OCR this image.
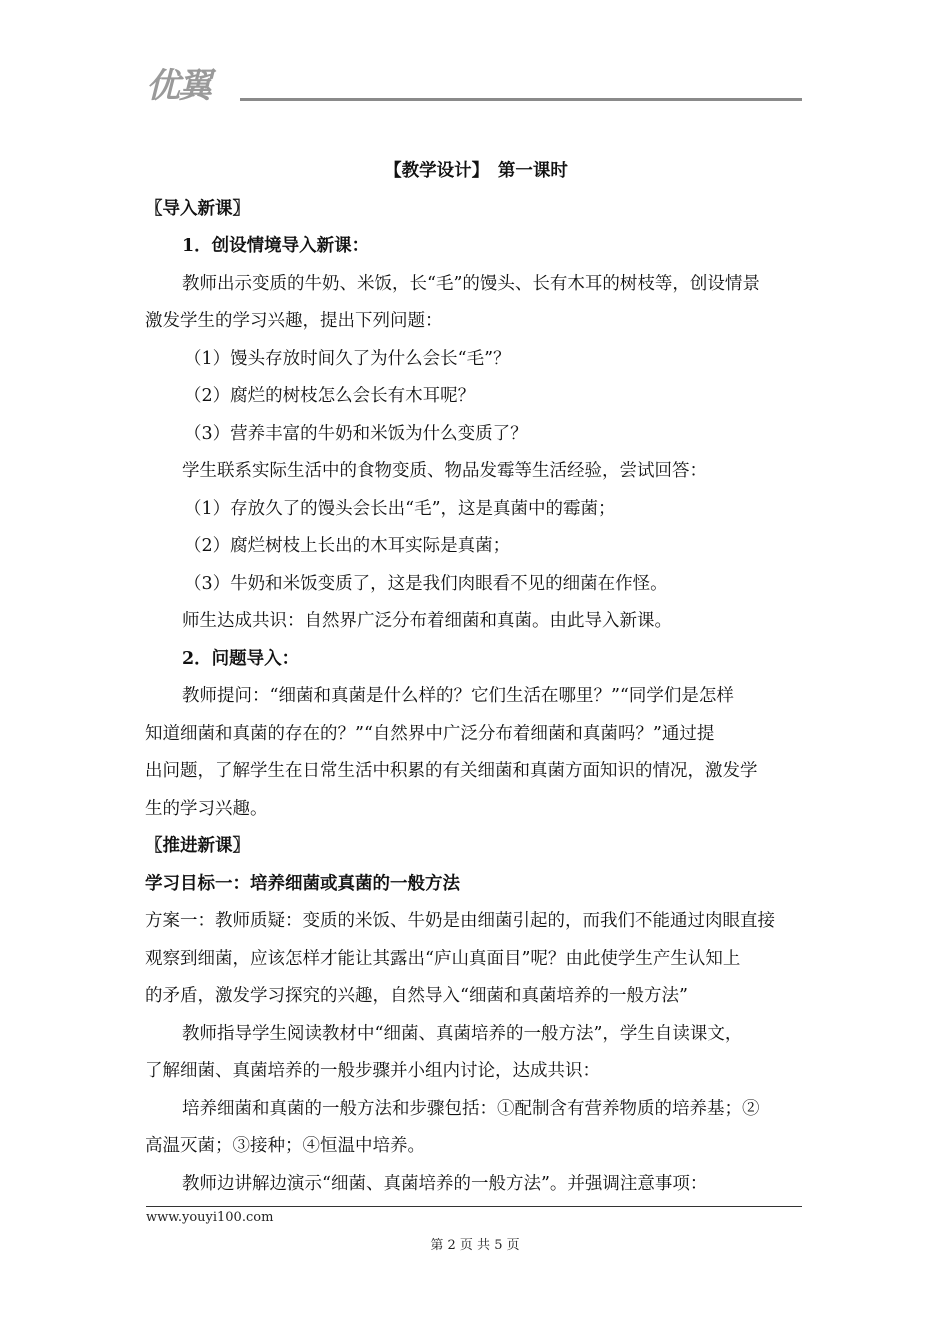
优翼
【教学设计】　第一课时
〖导入新课〗
1．创设情境导入新课：
教师出示变质的牛奶、米饭，长“毛”的馒头、长有木耳的树枝等，创设情景
激发学生的学习兴趣，提出下列问题：
（1）馒头存放时间久了为什么会长“毛”？
（2）腐烂的树枝怎么会长有木耳呢？
（3）营养丰富的牛奶和米饭为什么变质了？
学生联系实际生活中的食物变质、物品发霉等生活经验，尝试回答：
（1）存放久了的馒头会长出“毛”，这是真菌中的霉菌；
（2）腐烂树枝上长出的木耳实际是真菌；
（3）牛奶和米饭变质了，这是我们肉眼看不见的细菌在作怪。
师生达成共识：自然界广泛分布着细菌和真菌。由此导入新课。
2．问题导入：
教师提问：“细菌和真菌是什么样的？它们生活在哪里？”“同学们是怎样
知道细菌和真菌的存在的？”“自然界中广泛分布着细菌和真菌吗？”通过提
出问题，了解学生在日常生活中积累的有关细菌和真菌方面知识的情况，激发学
生的学习兴趣。
〖推进新课〗
学习目标一：培养细菌或真菌的一般方法
方案一：教师质疑：变质的米饭、牛奶是由细菌引起的，而我们不能通过肉眼直接
观察到细菌，应该怎样才能让其露出“庐山真面目”呢？由此使学生产生认知上
的矛盾，激发学习探究的兴趣，自然导入“细菌和真菌培养的一般方法”
教师指导学生阅读教材中“细菌、真菌培养的一般方法”，学生自读课文，
了解细菌、真菌培养的一般步骤并小组内讨论，达成共识：
培养细菌和真菌的一般方法和步骤包括：①配制含有营养物质的培养基；②
高温灭菌；③接种；④恒温中培养。
教师边讲解边演示“细菌、真菌培养的一般方法”。并强调注意事项：
www.youyi100.com
第 2 页 共 5 页
